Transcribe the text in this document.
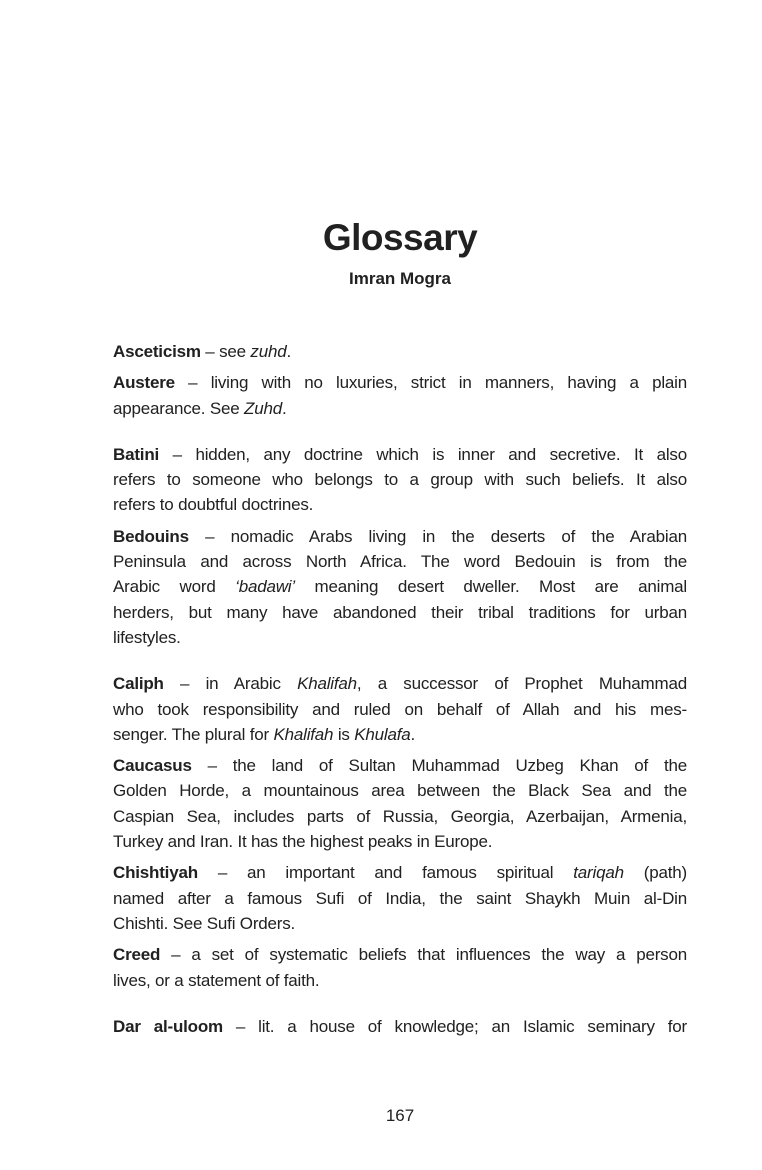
Glossary
Imran Mogra
Asceticism – see zuhd.
Austere – living with no luxuries, strict in manners, having a plain
appearance. See Zuhd.
Batini – hidden, any doctrine which is inner and secretive. It also
refers to someone who belongs to a group with such beliefs. It also
refers to doubtful doctrines.
Bedouins – nomadic Arabs living in the deserts of the Arabian
Peninsula and across North Africa. The word Bedouin is from the
Arabic word ‘badawi’ meaning desert dweller. Most are animal
herders, but many have abandoned their tribal traditions for urban
lifestyles.
Caliph – in Arabic Khalifah, a successor of Prophet Muhammad
who took responsibility and ruled on behalf of Allah and his mes-
senger. The plural for Khalifah is Khulafa.
Caucasus – the land of Sultan Muhammad Uzbeg Khan of the
Golden Horde, a mountainous area between the Black Sea and the
Caspian Sea, includes parts of Russia, Georgia, Azerbaijan, Armenia,
Turkey and Iran. It has the highest peaks in Europe.
Chishtiyah – an important and famous spiritual tariqah (path)
named after a famous Sufi of India, the saint Shaykh Muin al-Din
Chishti. See Sufi Orders.
Creed – a set of systematic beliefs that influences the way a person
lives, or a statement of faith.
Dar al-uloom – lit. a house of knowledge; an Islamic seminary for
167
